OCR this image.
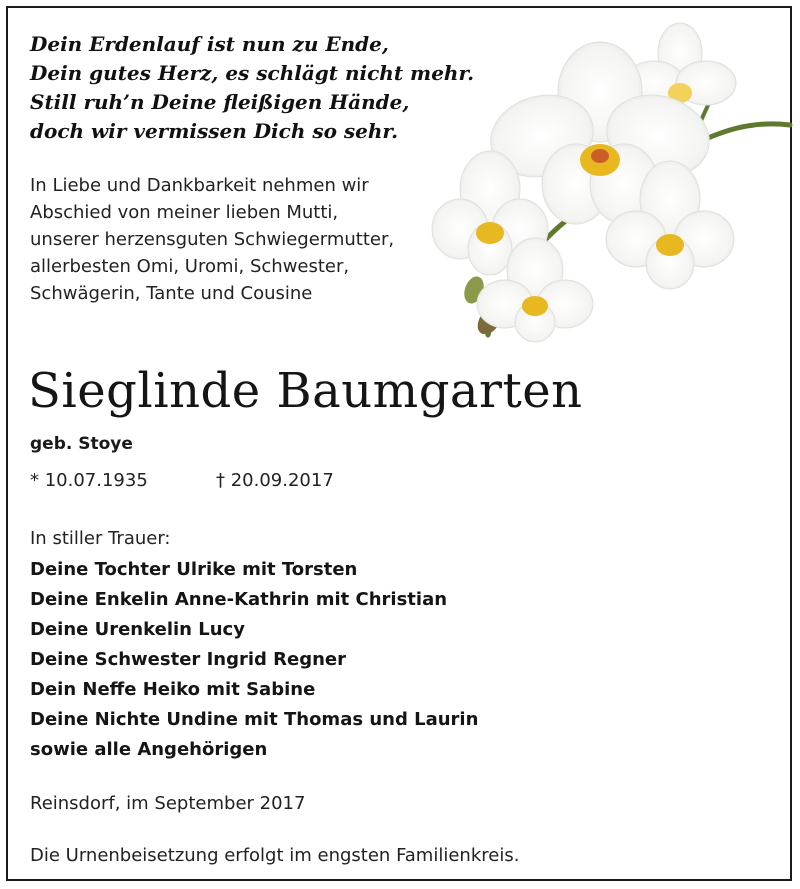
Dein Erdenlauf ist nun zu Ende,
Dein gutes Herz, es schlägt nicht mehr.
Still ruh’n Deine fleißigen Hände,
doch wir vermissen Dich so sehr.
In Liebe und Dankbarkeit nehmen wir
Abschied von meiner lieben Mutti,
unserer herzensguten Schwiegermutter,
allerbesten Omi, Uromi, Schwester,
Schwägerin, Tante und Cousine
Sieglinde Baumgarten
geb. Stoye
* 10.07.1935	† 20.09.2017
In stiller Trauer:
Deine Tochter Ulrike mit Torsten
Deine Enkelin Anne-Kathrin mit Christian
Deine Urenkelin Lucy
Deine Schwester Ingrid Regner
Dein Neffe Heiko mit Sabine
Deine Nichte Undine mit Thomas und Laurin
sowie alle Angehörigen
Reinsdorf, im September 2017
Die Urnenbeisetzung erfolgt im engsten Familienkreis.
